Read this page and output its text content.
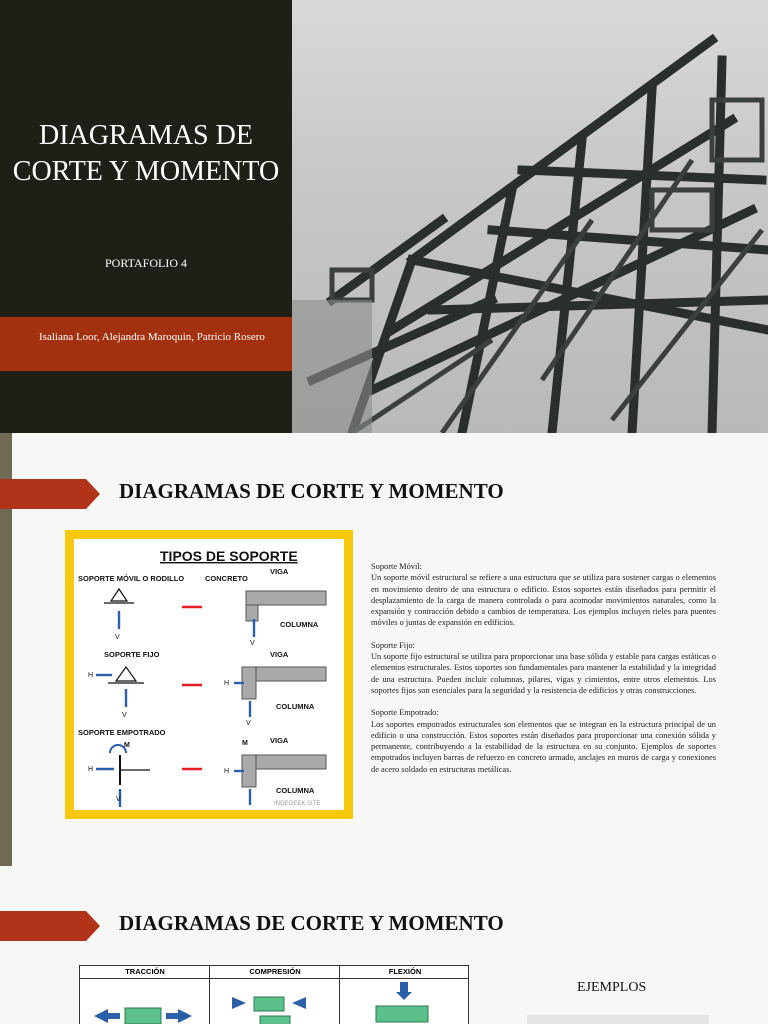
DIAGRAMAS DE CORTE Y MOMENTO
PORTAFOLIO 4
Isaliana Loor, Alejandra Maroquin, Patricio Rosero
DIAGRAMAS DE CORTE Y MOMENTO
TIPOS DE SOPORTE
SOPORTE MÓVIL O RODILLO	CONCRETO
VIGA
V
V
COLUMNA
SOPORTE FIJO	VIGA
H
V
H
V
COLUMNA
SOPORTE EMPOTRADO
M
H
V
M	VIGA
H
COLUMNA
INGEGEEK.SITE

Soporte Móvil:
Un soporte móvil estructural se refiere a una estructura que se utiliza para sostener cargas o elementos en movimiento dentro de una estructura o edificio. Estos soportes están diseñados para permitir el desplazamiento de la carga de manera controlada o para acomodar movimientos naturales, como la expansión y contracción debido a cambios de temperatura. Los ejemplos incluyen rieles para puentes móviles o juntas de expansión en edificios.

Soporte Fijo:
Un soporte fijo estructural se utiliza para proporcionar una base sólida y estable para cargas estáticas o elementos estructurales. Estos soportes son fundamentales para mantener la estabilidad y la integridad de una estructura. Pueden incluir columnas, pilares, vigas y cimientos, entre otros elementos. Los soportes fijos son esenciales para la seguridad y la resistencia de edificios y otras construcciones.

Soporte Empotrado:
Los soportes empotrados estructurales son elementos que se integran en la estructura principal de un edificio o una construcción. Estos soportes están diseñados para proporcionar una conexión sólida y permanente, contribuyendo a la estabilidad de la estructura en su conjunto. Ejemplos de soportes empotrados incluyen barras de refuerzo en concreto armado, anclajes en muros de carga y conexiones de acero soldado en estructuras metálicas.

DIAGRAMAS DE CORTE Y MOMENTO
TRACCIÓN	COMPRESIÓN	FLEXIÓN
EJEMPLOS
